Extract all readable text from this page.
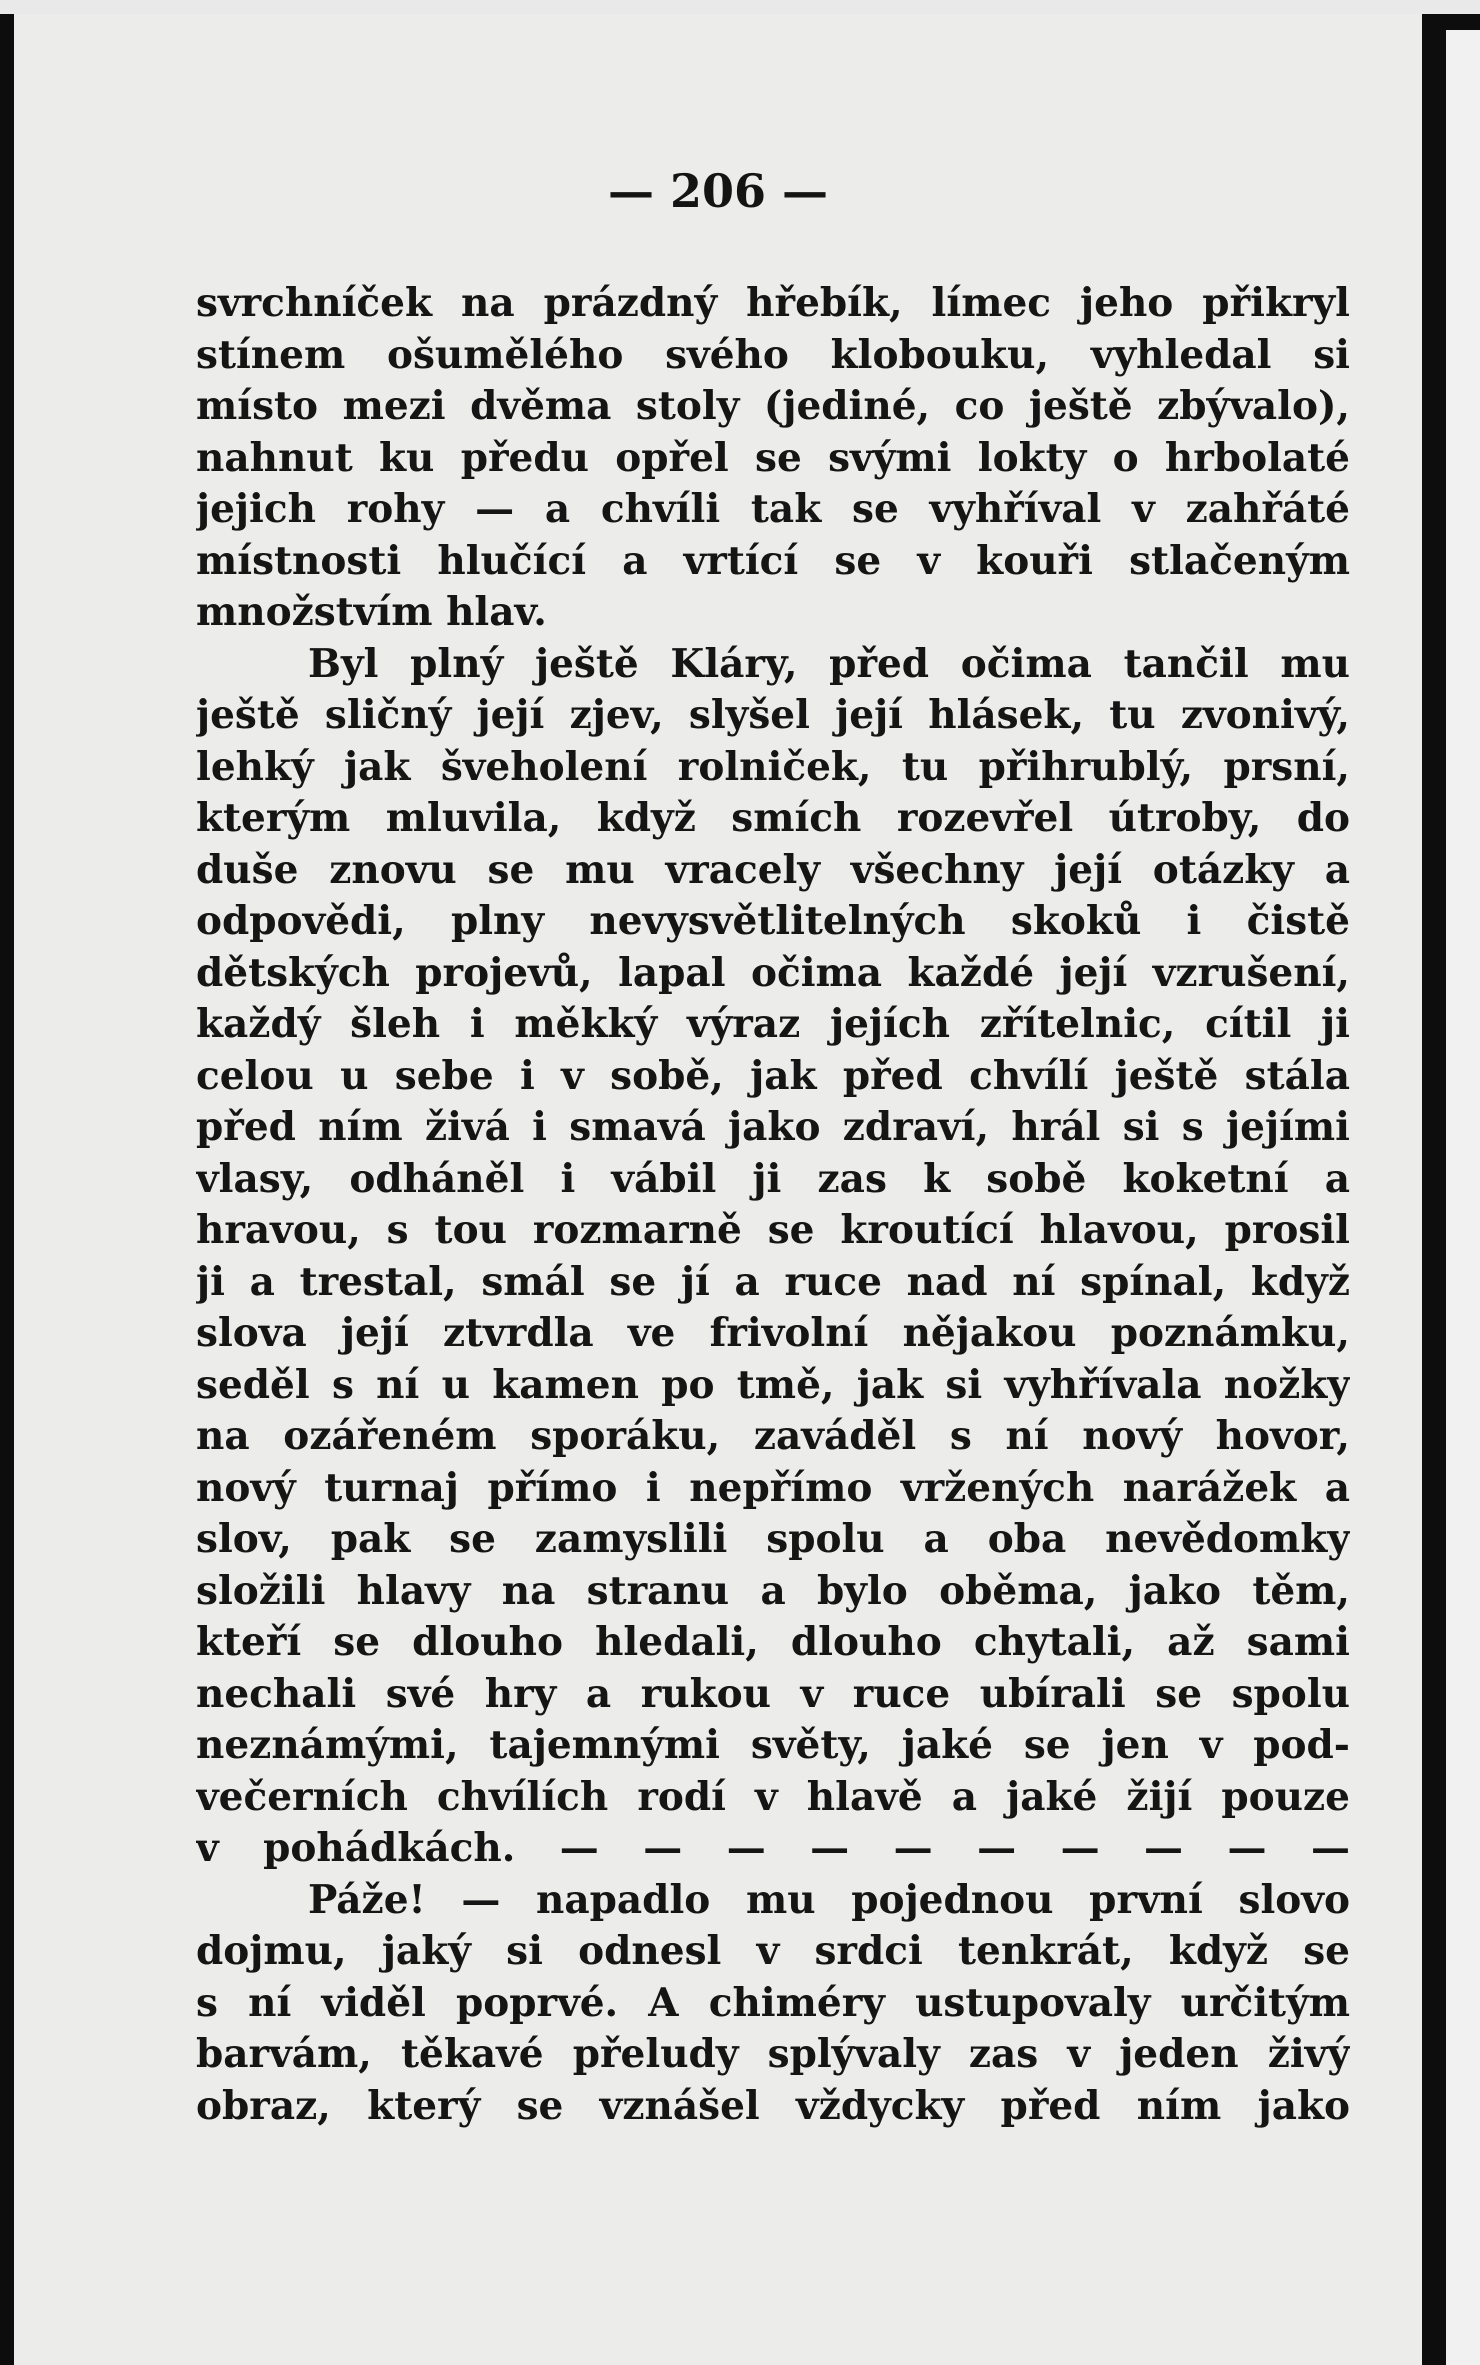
— 206 —

svrchníček na prázdný hřebík, límec jeho přikryl
stínem ošumělého svého klobouku, vyhledal si
místo mezi dvěma stoly (jediné, co ještě zbývalo),
nahnut ku předu opřel se svými lokty o hrbolaté
jejich rohy — a chvíli tak se vyhříval v zahřáté
místnosti hlučící a vrtící se v kouři stlačeným
množstvím hlav.
Byl plný ještě Kláry, před očima tančil mu
ještě sličný její zjev, slyšel její hlásek, tu zvonivý,
lehký jak šveholení rolniček, tu přihrublý, prsní,
kterým mluvila, když smích rozevřel útroby, do
duše znovu se mu vracely všechny její otázky a
odpovědi, plny nevysvětlitelných skoků i čistě
dětských projevů, lapal očima každé její vzrušení,
každý šleh i měkký výraz jejích zřítelnic, cítil ji
celou u sebe i v sobě, jak před chvílí ještě stála
před ním živá i smavá jako zdraví, hrál si s jejími
vlasy, odháněl i vábil ji zas k sobě koketní a
hravou, s tou rozmarně se kroutící hlavou, prosil
ji a trestal, smál se jí a ruce nad ní spínal, když
slova její ztvrdla ve frivolní nějakou poznámku,
seděl s ní u kamen po tmě, jak si vyhřívala nožky
na ozářeném sporáku, zaváděl s ní nový hovor,
nový turnaj přímo i nepřímo vržených narážek a
slov, pak se zamyslili spolu a oba nevědomky
složili hlavy na stranu a bylo oběma, jako těm,
kteří se dlouho hledali, dlouho chytali, až sami
nechali své hry a rukou v ruce ubírali se spolu
neznámými, tajemnými světy, jaké se jen v pod-
večerních chvílích rodí v hlavě a jaké žijí pouze
v pohádkách. — — — — — — — — — —
Páže! — napadlo mu pojednou první slovo
dojmu, jaký si odnesl v srdci tenkrát, když se
s ní viděl poprvé. A chiméry ustupovaly určitým
barvám, těkavé přeludy splývaly zas v jeden živý
obraz, který se vznášel vždycky před ním jako
